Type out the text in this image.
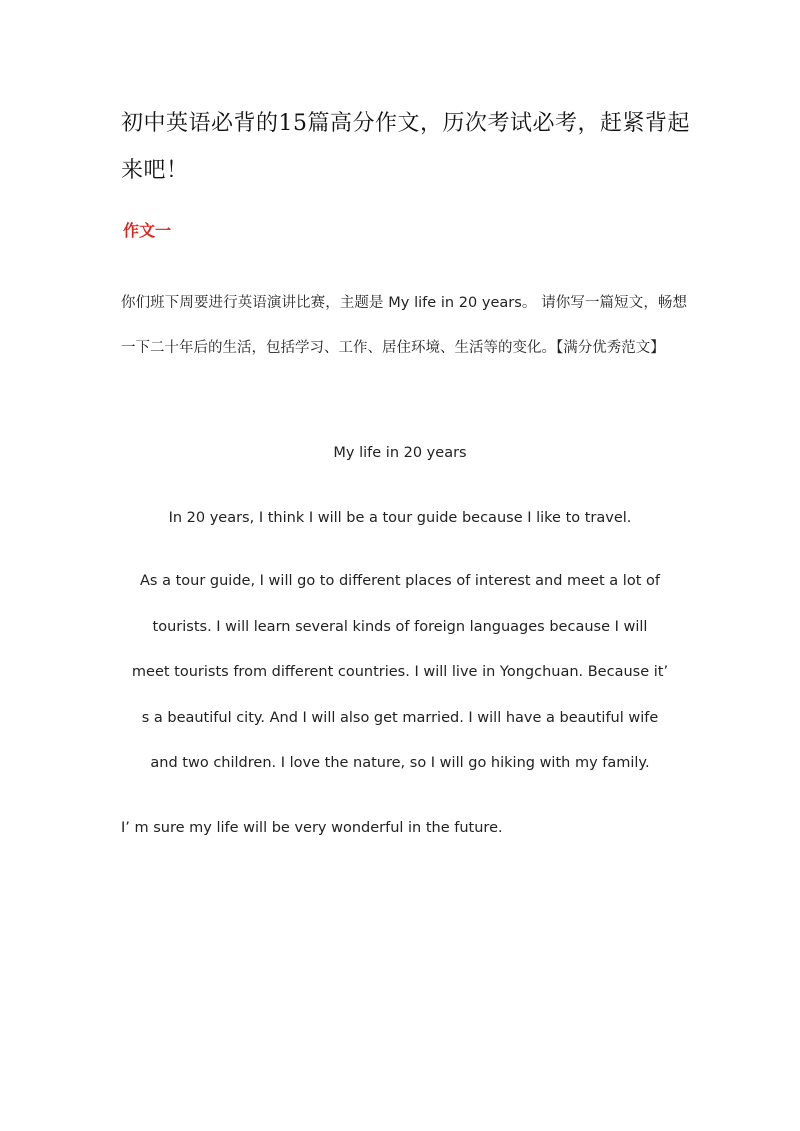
初中英语必背的15篇高分作文，历次考试必考，赶紧背起来吧！
作文一
你们班下周要进行英语演讲比赛，主题是 My life in 20 years。 请你写一篇短文，畅想一下二十年后的生活，包括学习、工作、居住环境、生活等的变化。【满分优秀范文】
My life in 20 years
In 20 years, I think I will be a tour guide because I like to travel.
As a tour guide, I will go to different places of interest and meet a lot of
tourists. I will learn several kinds of foreign languages because I will
meet tourists from different countries. I will live in Yongchuan. Because it’
s a beautiful city. And I will also get married. I will have a beautiful wife
and two children. I love the nature, so I will go hiking with my family.
I’ m sure my life will be very wonderful in the future.
